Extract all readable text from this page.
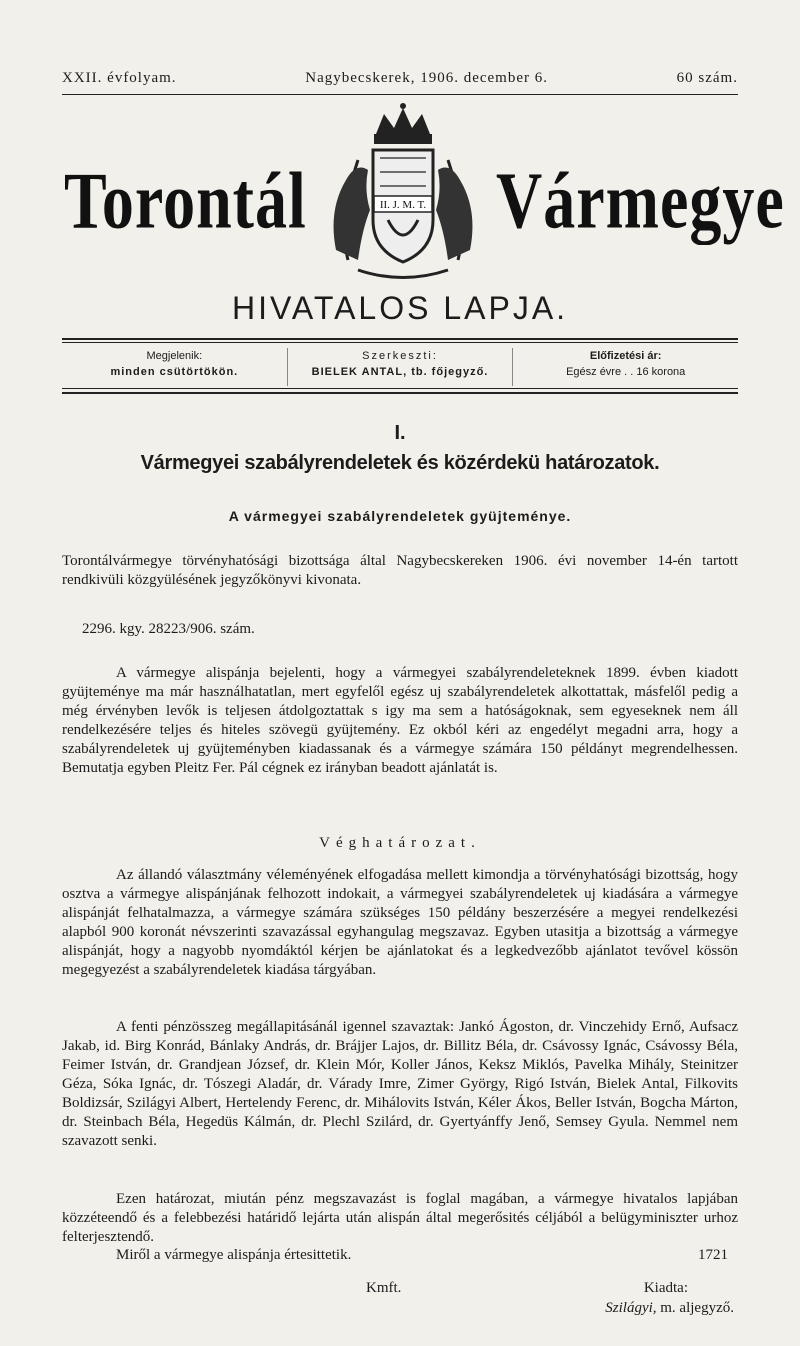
XXII. évfolyam.	Nagybecskerek, 1906. december 6.	60 szám.
Torontál	II. J. M. T. Vármegye
HIVATALOS LAPJA.
Megjelenik:
minden csütörtökön.
Szerkeszti:
BIELEK ANTAL, tb. főjegyző.
Előfizetési ár:
Egész évre . . 16 korona
I.
Vármegyei szabályrendeletek és közérdekü határozatok.
A vármegyei szabályrendeletek gyüjteménye.
Torontálvármegye törvényhatósági bizottsága által Nagybecskereken 1906. évi november 14-én tartott rendkivüli közgyülésének jegyzőkönyvi kivonata.
2296. kgy. 28223/906. szám.
A vármegye alispánja bejelenti, hogy a vármegyei szabályrendeleteknek 1899. évben kiadott gyüjteménye ma már használhatatlan, mert egyfelől egész uj szabályrendeletek alkottattak, másfelől pedig a még érvényben levők is teljesen átdolgoztattak s igy ma sem a hatóságoknak, sem egyeseknek nem áll rendelkezésére teljes és hiteles szövegü gyüjtemény. Ez okból kéri az engedélyt megadni arra, hogy a szabályrendeletek uj gyüjteményben kiadassanak és a vármegye számára 150 példányt megrendelhessen. Bemutatja egyben Pleitz Fer. Pál cégnek ez irányban beadott ajánlatát is.
Véghatározat.
Az állandó választmány véleményének elfogadása mellett kimondja a törvényhatósági bizottság, hogy osztva a vármegye alispánjának felhozott indokait, a vármegyei szabályrendeletek uj kiadására a vármegye alispánját felhatalmazza, a vármegye számára szükséges 150 példány beszerzésére a megyei rendelkezési alapból 900 koronát névszerinti szavazással egyhangulag megszavaz. Egyben utasitja a bizottság a vármegye alispánját, hogy a nagyobb nyomdáktól kérjen be ajánlatokat és a legkedvezőbb ajánlatot tevővel kössön megegyezést a szabályrendeletek kiadása tárgyában.
A fenti pénzösszeg megállapitásánál igennel szavaztak: Jankó Ágoston, dr. Vinczehidy Ernő, Aufsacz Jakab, id. Birg Konrád, Bánlaky András, dr. Brájjer Lajos, dr. Billitz Béla, dr. Csávossy Ignác, Csávossy Béla, Feimer István, dr. Grandjean József, dr. Klein Mór, Koller János, Keksz Miklós, Pavelka Mihály, Steinitzer Géza, Sóka Ignác, dr. Tószegi Aladár, dr. Várady Imre, Zimer György, Rigó István, Bielek Antal, Filkovits Boldizsár, Szilágyi Albert, Hertelendy Ferenc, dr. Mihálovits István, Kéler Ákos, Beller István, Bogcha Márton, dr. Steinbach Béla, Hegedüs Kálmán, dr. Plechl Szilárd, dr. Gyertyánffy Jenő, Semsey Gyula. Nemmel nem szavazott senki.
Ezen határozat, miután pénz megszavazást is foglal magában, a vármegye hivatalos lapjában közzéteendő és a felebbezési határidő lejárta után alispán által megerősités céljából a belügyminiszter urhoz felterjesztendő.
Miről a vármegye alispánja értesittetik.	1721
Kmft.	Kiadta:
Szilágyi, m. aljegyző.
